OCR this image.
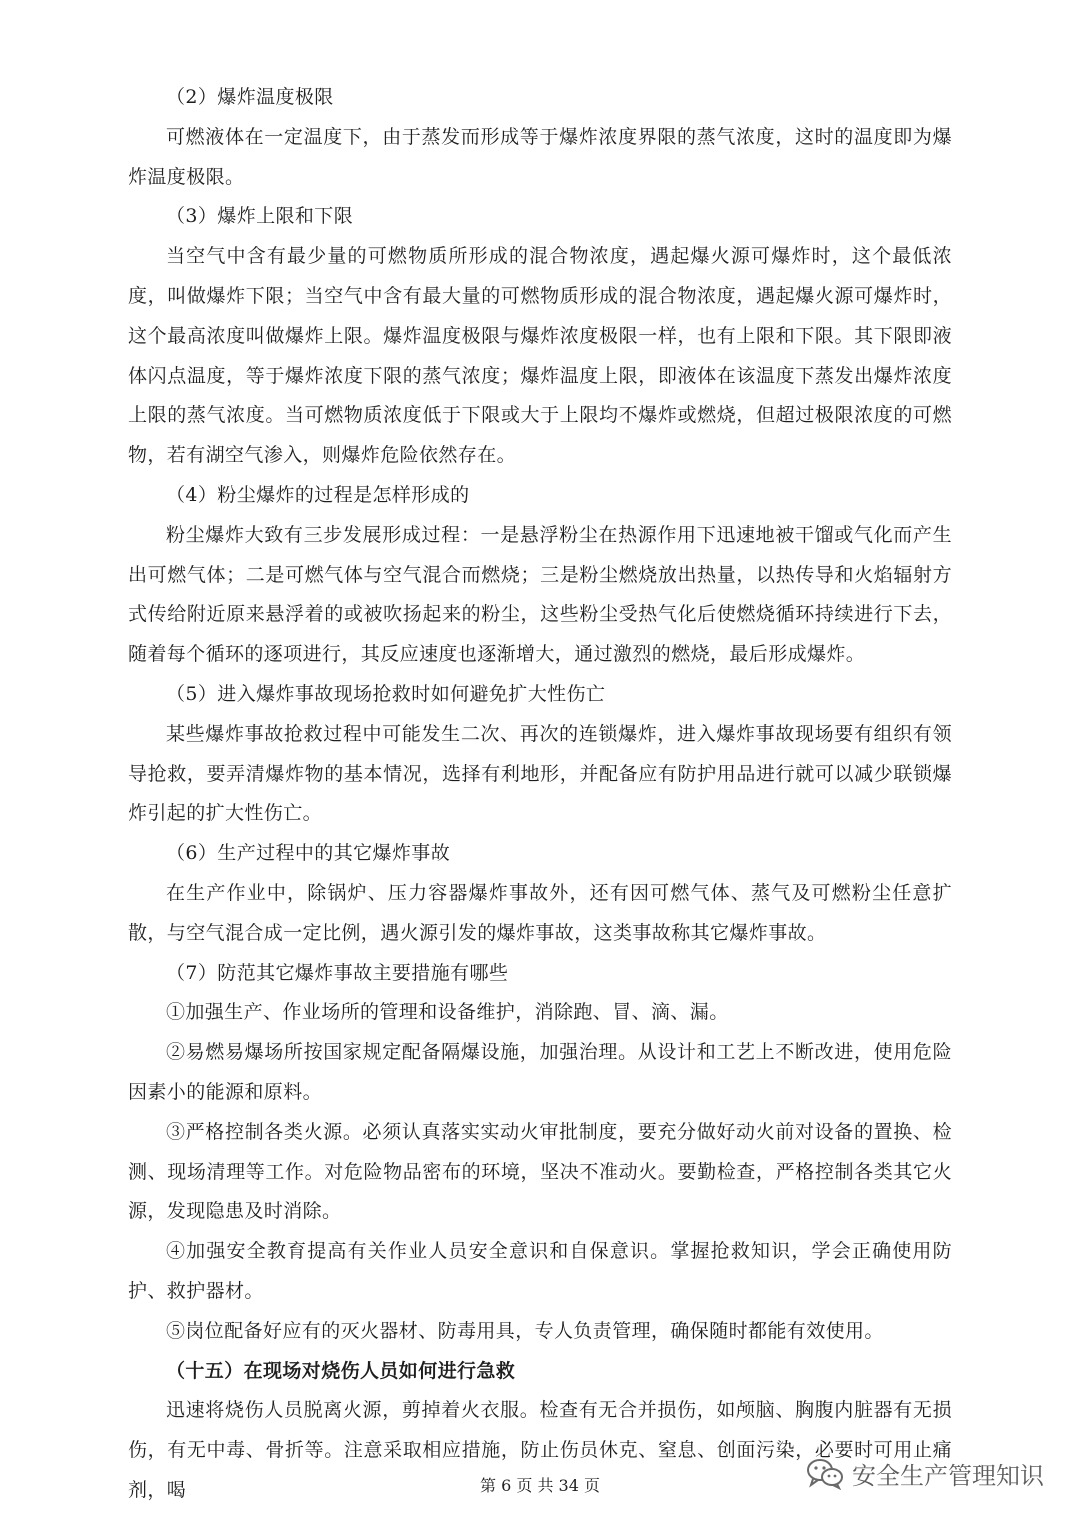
（2）爆炸温度极限

可燃液体在一定温度下，由于蒸发而形成等于爆炸浓度界限的蒸气浓度，这时的温度即为爆炸温度极限。

（3）爆炸上限和下限

当空气中含有最少量的可燃物质所形成的混合物浓度，遇起爆火源可爆炸时，这个最低浓度，叫做爆炸下限；当空气中含有最大量的可燃物质形成的混合物浓度，遇起爆火源可爆炸时，这个最高浓度叫做爆炸上限。爆炸温度极限与爆炸浓度极限一样，也有上限和下限。其下限即液体闪点温度，等于爆炸浓度下限的蒸气浓度；爆炸温度上限，即液体在该温度下蒸发出爆炸浓度上限的蒸气浓度。当可燃物质浓度低于下限或大于上限均不爆炸或燃烧，但超过极限浓度的可燃物，若有湖空气渗入，则爆炸危险依然存在。

（4）粉尘爆炸的过程是怎样形成的

粉尘爆炸大致有三步发展形成过程：一是悬浮粉尘在热源作用下迅速地被干馏或气化而产生出可燃气体；二是可燃气体与空气混合而燃烧；三是粉尘燃烧放出热量，以热传导和火焰辐射方式传给附近原来悬浮着的或被吹扬起来的粉尘，这些粉尘受热气化后使燃烧循环持续进行下去，随着每个循环的逐项进行，其反应速度也逐渐增大，通过激烈的燃烧，最后形成爆炸。

（5）进入爆炸事故现场抢救时如何避免扩大性伤亡

某些爆炸事故抢救过程中可能发生二次、再次的连锁爆炸，进入爆炸事故现场要有组织有领导抢救，要弄清爆炸物的基本情况，选择有利地形，并配备应有防护用品进行就可以减少联锁爆炸引起的扩大性伤亡。

（6）生产过程中的其它爆炸事故

在生产作业中，除锅炉、压力容器爆炸事故外，还有因可燃气体、蒸气及可燃粉尘任意扩散，与空气混合成一定比例，遇火源引发的爆炸事故，这类事故称其它爆炸事故。

（7）防范其它爆炸事故主要措施有哪些

①加强生产、作业场所的管理和设备维护，消除跑、冒、滴、漏。

②易燃易爆场所按国家规定配备隔爆设施，加强治理。从设计和工艺上不断改进，使用危险因素小的能源和原料。

③严格控制各类火源。必须认真落实实动火审批制度，要充分做好动火前对设备的置换、检测、现场清理等工作。对危险物品密布的环境，坚决不准动火。要勤检查，严格控制各类其它火源，发现隐患及时消除。

④加强安全教育提高有关作业人员安全意识和自保意识。掌握抢救知识，学会正确使用防护、救护器材。

⑤岗位配备好应有的灭火器材、防毒用具，专人负责管理，确保随时都能有效使用。

（十五）在现场对烧伤人员如何进行急救

迅速将烧伤人员脱离火源，剪掉着火衣服。检查有无合并损伤，如颅脑、胸腹内脏器有无损伤，有无中毒、骨折等。注意采取相应措施，防止伤员休克、窒息、创面污染，必要时可用止痛剂，喝	第 6 页 共 34 页	安全生产管理知识
